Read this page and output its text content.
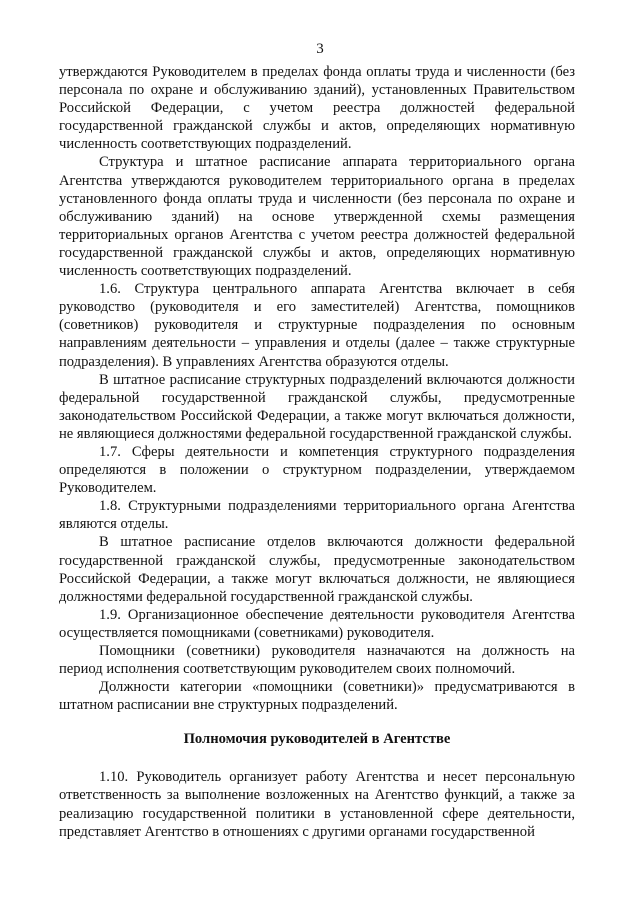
3

утверждаются Руководителем в пределах фонда оплаты труда и численности (без персонала по охране и обслуживанию зданий), установленных Правительством Российской Федерации, с учетом реестра должностей федеральной государственной гражданской службы и актов, определяющих нормативную численность соответствующих подразделений.

Структура и штатное расписание аппарата территориального органа Агентства утверждаются руководителем территориального органа в пределах установленного фонда оплаты труда и численности (без персонала по охране и обслуживанию зданий) на основе утвержденной схемы размещения территориальных органов Агентства с учетом реестра должностей федеральной государственной гражданской службы и актов, определяющих нормативную численность соответствующих подразделений.

1.6. Структура центрального аппарата Агентства включает в себя руководство (руководителя и его заместителей) Агентства, помощников (советников) руководителя и структурные подразделения по основным направлениям деятельности – управления и отделы (далее – также структурные подразделения). В управлениях Агентства образуются отделы.

В штатное расписание структурных подразделений включаются должности федеральной государственной гражданской службы, предусмотренные законодательством Российской Федерации, а также могут включаться должности, не являющиеся должностями федеральной государственной гражданской службы.

1.7. Сферы деятельности и компетенция структурного подразделения определяются в положении о структурном подразделении, утверждаемом Руководителем.

1.8. Структурными подразделениями территориального органа Агентства являются отделы.

В штатное расписание отделов включаются должности федеральной государственной гражданской службы, предусмотренные законодательством Российской Федерации, а также могут включаться должности, не являющиеся должностями федеральной государственной гражданской службы.

1.9. Организационное обеспечение деятельности руководителя Агентства осуществляется помощниками (советниками) руководителя.

Помощники (советники) руководителя назначаются на должность на период исполнения соответствующим руководителем своих полномочий.

Должности категории «помощники (советники)» предусматриваются в штатном расписании вне структурных подразделений.

Полномочия руководителей в Агентстве

1.10. Руководитель организует работу Агентства и несет персональную ответственность за выполнение возложенных на Агентство функций, а также за реализацию государственной политики в установленной сфере деятельности, представляет Агентство в отношениях с другими органами государственной
